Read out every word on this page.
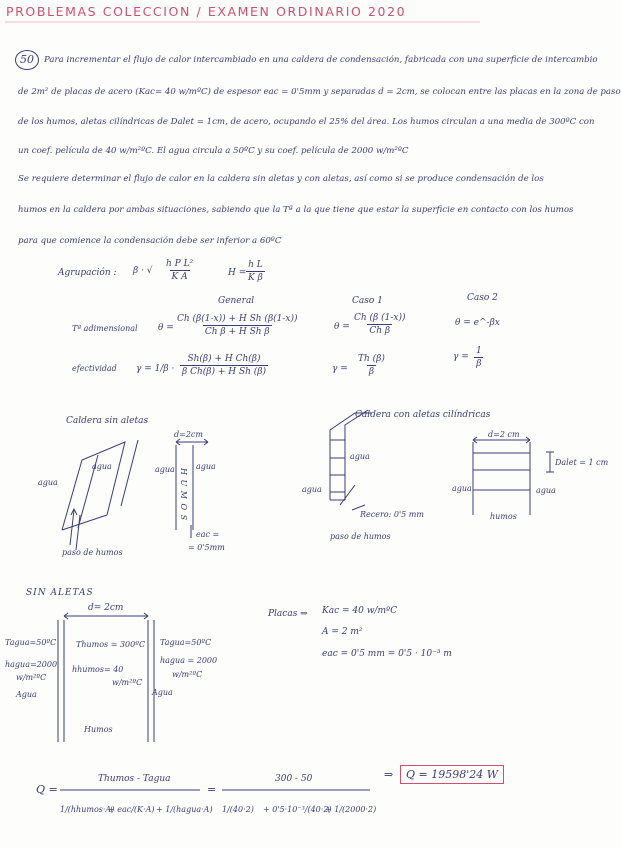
PROBLEMAS COLECCION / EXAMEN ORDINARIO 2020
50	Para incrementar el flujo de calor intercambiado en una caldera de condensación, fabricada con una superficie de intercambio
de 2m² de placas de acero (Kac= 40 w/mºC) de espesor eac = 0'5mm y separadas d = 2cm, se colocan entre las placas en la zona de paso
de los humos, aletas cilíndricas de Dalet = 1cm, de acero, ocupando el 25% del área. Los humos circulan a una media de 300ºC con
un coef. película de 40 w/m²ºC. El agua circula a 50ºC y su coef. película de 2000 w/m²ºC
Se requiere determinar el flujo de calor en la caldera sin aletas y con aletas, así como si se produce condensación de los
humos en la caldera por ambas situaciones, sabiendo que la Tª a la que tiene que estar la superficie en contacto con los humos
para que comience la condensación debe ser inferior a 60ºC
Agrupación : β · √ $\frac{\text{h P L²}}{\text{K A}}$	$H = \frac{\text{h L}}{\text{K β}}$
General	Caso 1	Caso 2
Tª adimensional $\theta = \frac{\text{Ch (β(1-x)) + H Sh (β(1-x))}}{\text{Ch β + H Sh β}}$	$\theta = \frac{Ch (\beta (1-x))}{\text{Ch β}}$	θ = e^-βx
efectividad $\gamma = 1/\beta \cdot \frac{\text{Sh(β) + H Ch(β)}}{\text{β Ch(β) + H Sh (β)}}$	$\gamma = \frac{Th (\beta)}{\beta}$	$\gamma = \frac{1}{\beta}$
Caldera sin aletas
agua
agua
paso de humos
d=2cm
H U M O S
agua	agua
eac =
= 0'5mm
Caldera con aletas cilíndricas
agua
agua
Recero: 0'5 mm
paso de humos
d=2 cm
Dalet = 1 cm
agua	agua
humos
SIN ALETAS
d= 2cm
Tagua=50ºC
hagua=2000
w/m²ºC
Agua
Thumos = 300ºC
hhumos= 40
w/m²ºC
Humos
Tagua=50ºC
hagua = 2000
w/m²ºC
Agua
Placas ⇒ Kac = 40 w/mºC
A = 2 m²
eac = 0'5 mm = 0'5 · 10⁻³ m
Q =
Thumos - Tagua
1/(hhumos·A)
+ eac/(K·A) + 1/(hagua·A)
=
300 - 50
1/(40·2) + 0'5·10⁻³/(40·2)
+ 1/(2000·2)
⇒	Q = 19598'24 W
